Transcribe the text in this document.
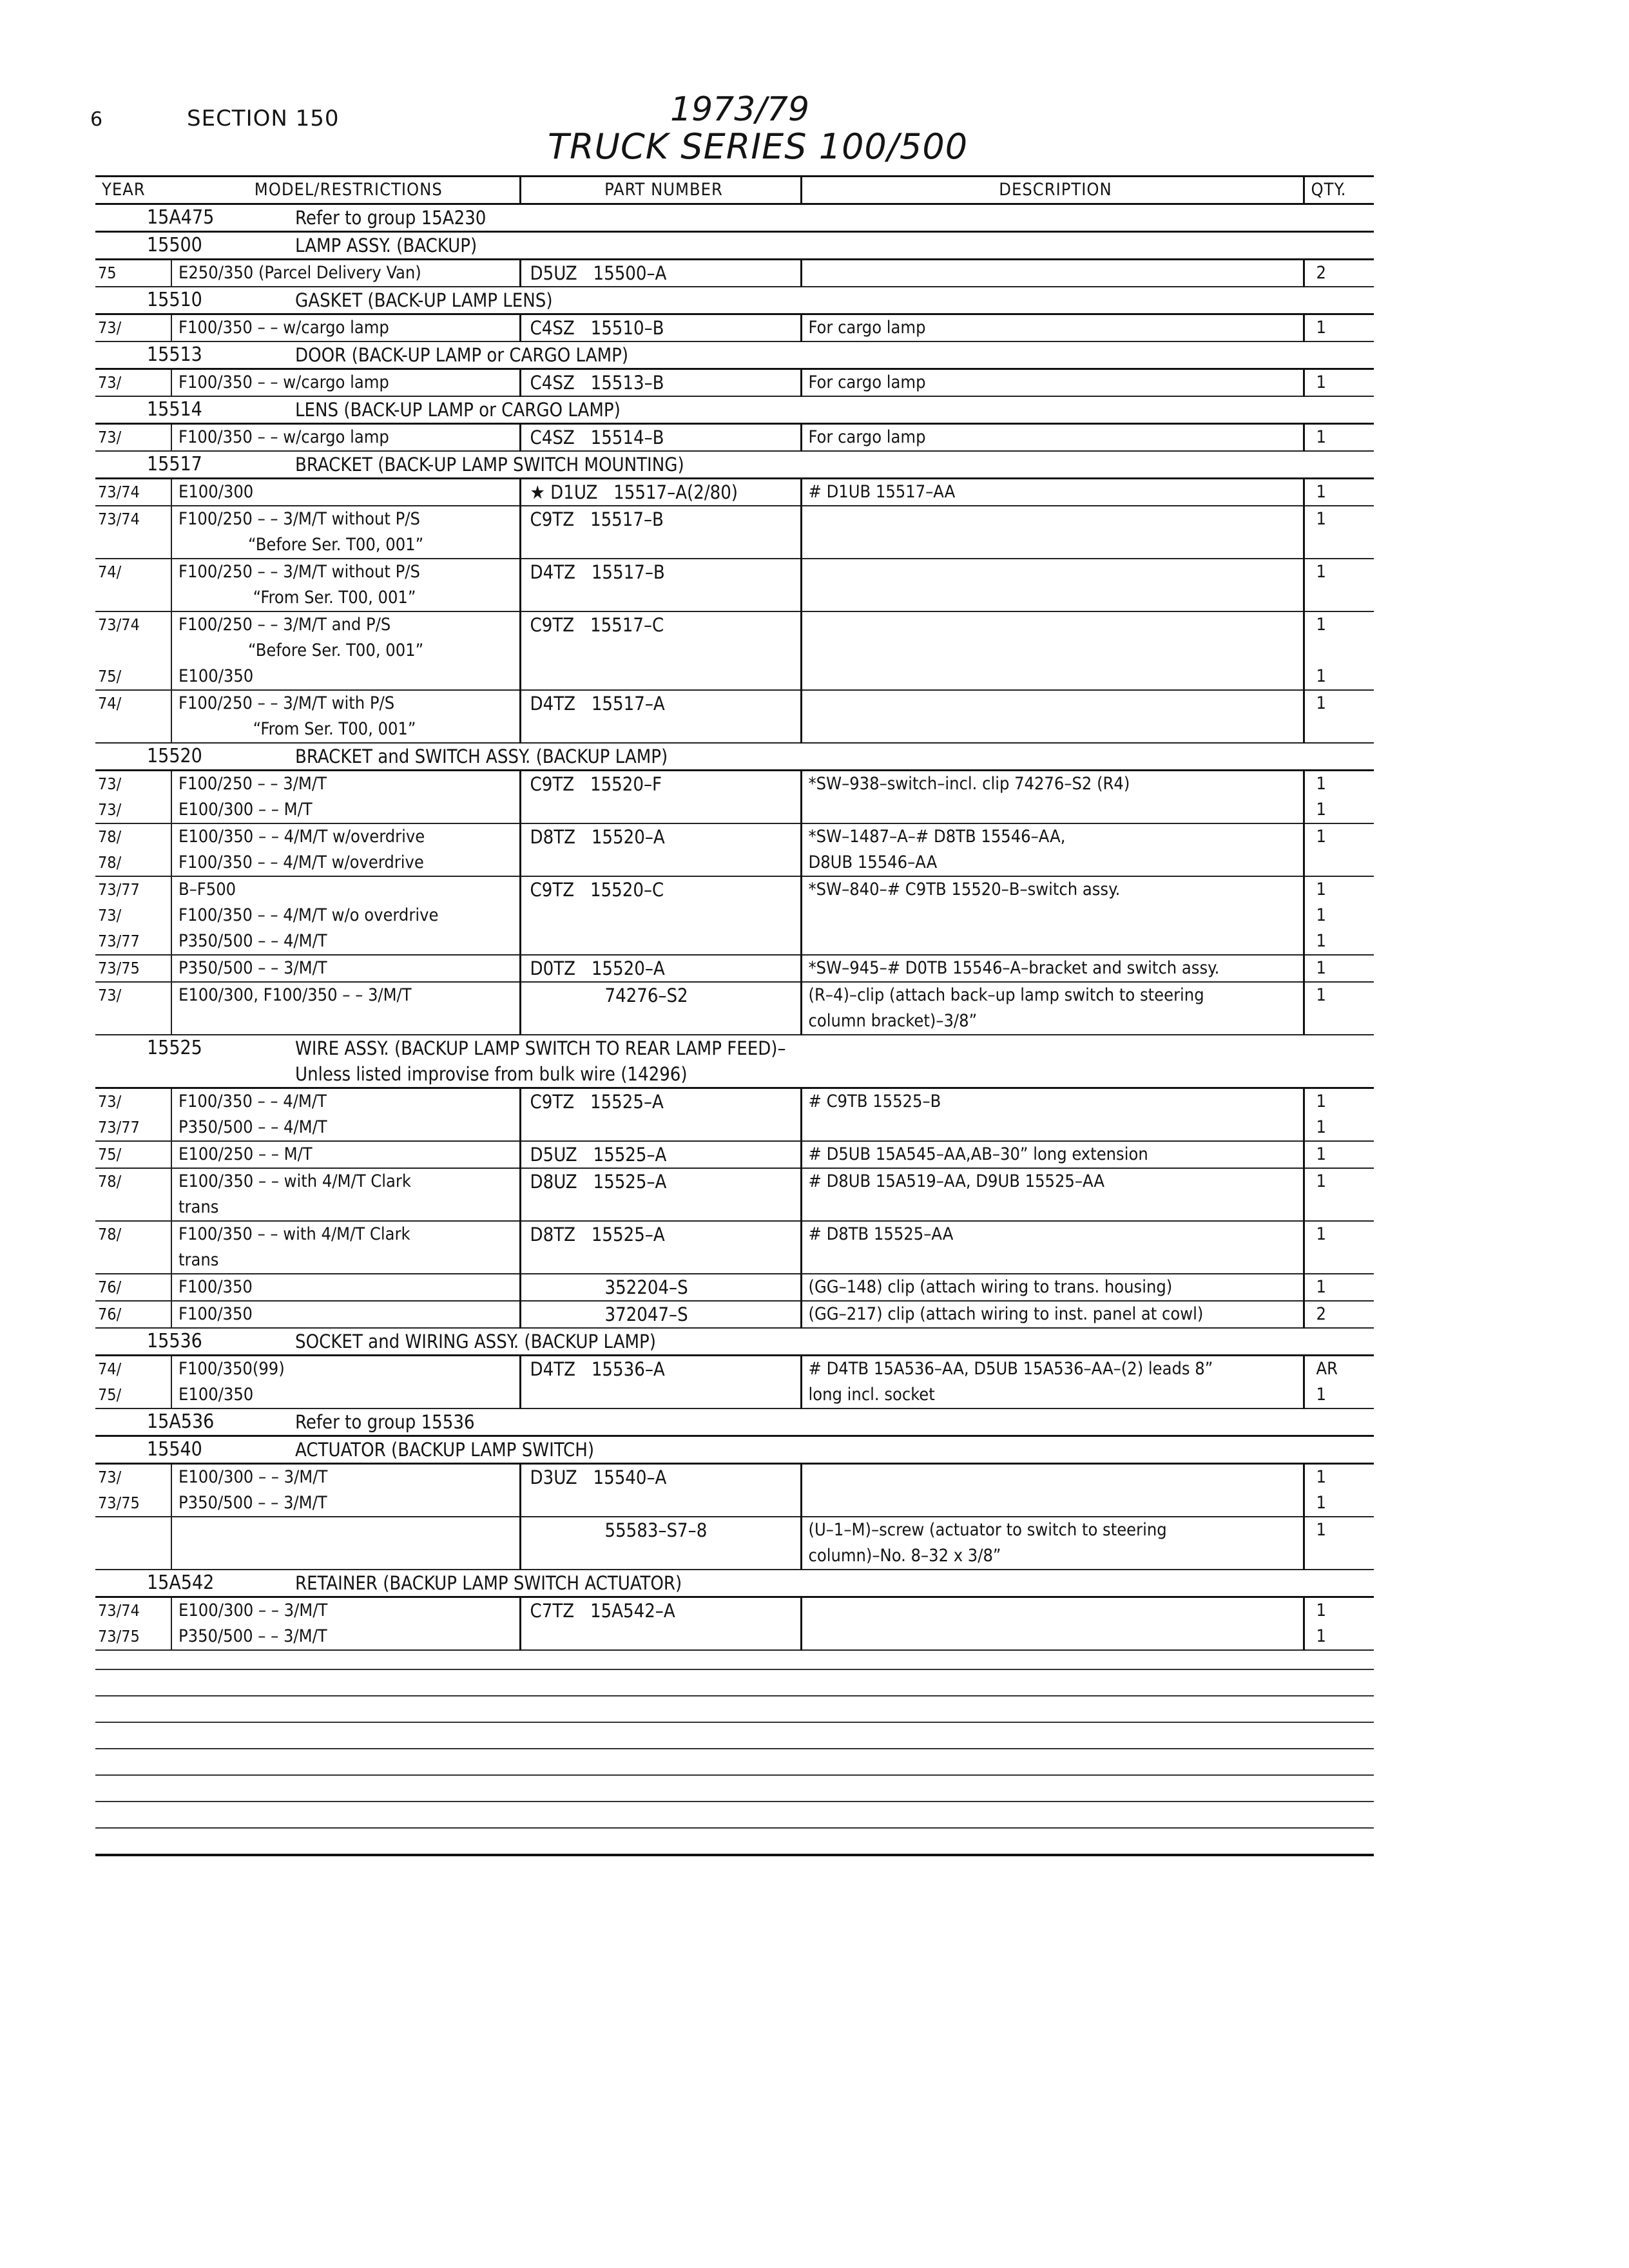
6	SECTION 150	1973/79
TRUCK SERIES 100/500
YEAR	MODEL/RESTRICTIONS	PART NUMBER	DESCRIPTION	QTY.
15A475 Refer to group 15A230				
15500 LAMP ASSY. (BACKUP)				
75	E250/350 (Parcel Delivery Van)	D5UZ   15500–A		2
15510 GASKET (BACK-UP LAMP LENS)				
73/	F100/350 – – w/cargo lamp	C4SZ   15510–B	For cargo lamp	1
15513 DOOR (BACK-UP LAMP or CARGO LAMP)				
73/	F100/350 – – w/cargo lamp	C4SZ   15513–B	For cargo lamp	1
15514 LENS (BACK-UP LAMP or CARGO LAMP)				
73/	F100/350 – – w/cargo lamp	C4SZ   15514–B	For cargo lamp	1
15517 BRACKET (BACK-UP LAMP SWITCH MOUNTING)				
73/74	E100/300	★ D1UZ   15517–A(2/80)	# D1UB 15517–AA	1
73/74	F100/250 – – 3/M/T without P/S
“Before Ser. T00, 001”	C9TZ   15517–B		1
74/	F100/250 – – 3/M/T without P/S
“From Ser. T00, 001”	D4TZ   15517–B		1
73/74	F100/250 – – 3/M/T and P/S
“Before Ser. T00, 001”	C9TZ   15517–C		1
75/	E100/350			1
74/	F100/250 – – 3/M/T with P/S
“From Ser. T00, 001”	D4TZ   15517–A		1
15520 BRACKET and SWITCH ASSY. (BACKUP LAMP)				
73/	F100/250 – – 3/M/T	C9TZ   15520–F	*SW–938–switch–incl. clip 74276–S2 (R4)	1
73/	E100/300 – – M/T			1
78/	E100/350 – – 4/M/T w/overdrive	D8TZ   15520–A	*SW–1487–A–# D8TB 15546–AA,	1
78/	F100/350 – – 4/M/T w/overdrive		D8UB 15546–AA	
73/77	B–F500	C9TZ   15520–C	*SW–840–# C9TB 15520–B–switch assy.	1
73/	F100/350 – – 4/M/T w/o overdrive			1
73/77	P350/500 – – 4/M/T			1
73/75	P350/500 – – 3/M/T	D0TZ   15520–A	*SW–945–# D0TB 15546–A–bracket and switch assy.	1
73/	E100/300, F100/350 – – 3/M/T	74276–S2	(R–4)–clip (attach back–up lamp switch to steering
column bracket)–3/8”	1
15525 WIRE ASSY. (BACKUP LAMP SWITCH TO REAR LAMP FEED)–
Unless listed improvise from bulk wire (14296)				
73/	F100/350 – – 4/M/T	C9TZ   15525–A	# C9TB 15525–B	1
73/77	P350/500 – – 4/M/T			1
75/	E100/250 – – M/T	D5UZ   15525–A	# D5UB 15A545–AA,AB–30” long extension	1
78/	E100/350 – – with 4/M/T Clark
trans	D8UZ   15525–A	# D8UB 15A519–AA, D9UB 15525–AA	1
78/	F100/350 – – with 4/M/T Clark
trans	D8TZ   15525–A	# D8TB 15525–AA	1
76/	F100/350	352204–S	(GG–148) clip (attach wiring to trans. housing)	1
76/	F100/350	372047–S	(GG–217) clip (attach wiring to inst. panel at cowl)	2
15536 SOCKET and WIRING ASSY. (BACKUP LAMP)				
74/	F100/350(99)	D4TZ   15536–A	# D4TB 15A536–AA, D5UB 15A536–AA–(2) leads 8”	AR
75/	E100/350		long incl. socket	1
15A536 Refer to group 15536				
15540 ACTUATOR (BACKUP LAMP SWITCH)				
73/	E100/300 – – 3/M/T	D3UZ   15540–A		1
73/75	P350/500 – – 3/M/T			1
		55583–S7–8	(U–1–M)–screw (actuator to switch to steering
column)–No. 8–32 x 3/8”	1
15A542 RETAINER (BACKUP LAMP SWITCH ACTUATOR)				
73/74	E100/300 – – 3/M/T	C7TZ   15A542–A		1
73/75	P350/500 – – 3/M/T			1
